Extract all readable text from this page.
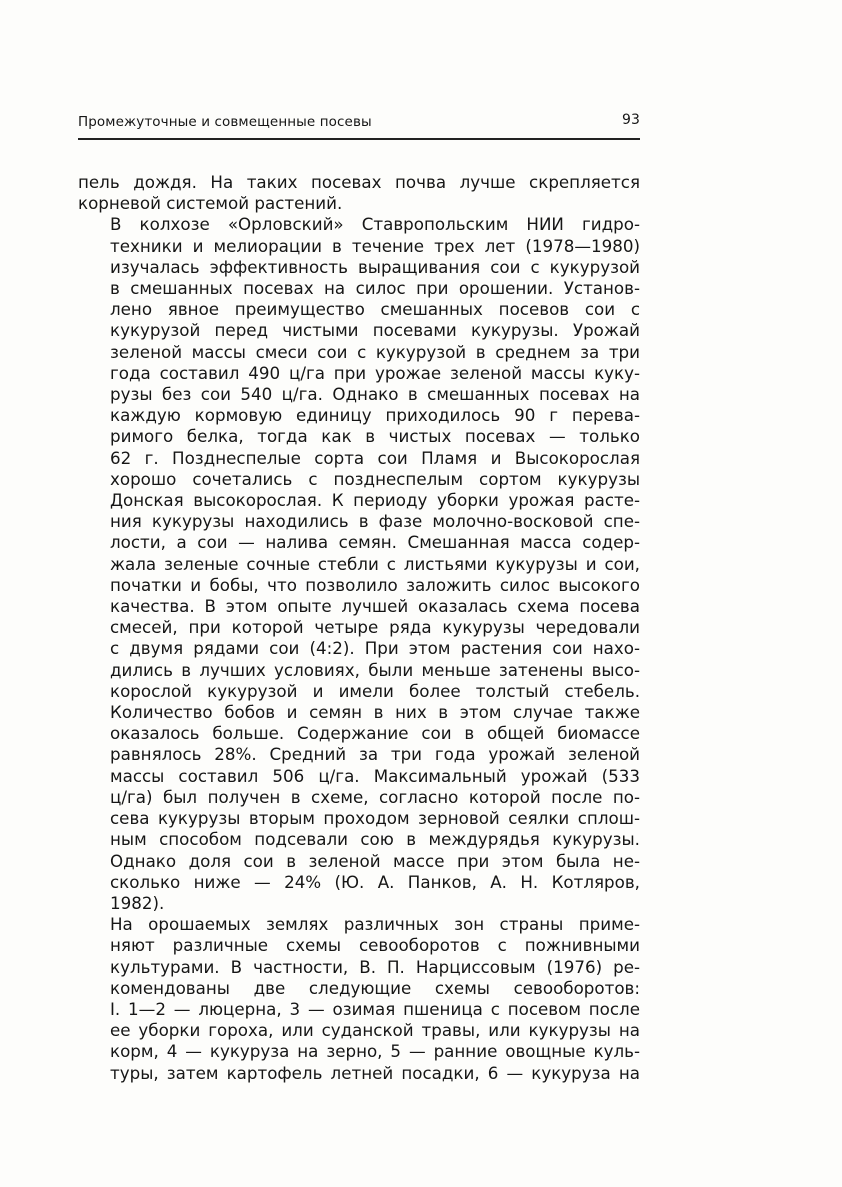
Промежуточные и совмещенные посевы	93

пель дождя. На таких посевах почва лучше скрепляется
корневой системой растений.

В колхозе «Орловский» Ставропольским НИИ гидро-
техники и мелиорации в течение трех лет (1978—1980)
изучалась эффективность выращивания сои с кукурузой
в смешанных посевах на силос при орошении. Установ-
лено явное преимущество смешанных посевов сои с
кукурузой перед чистыми посевами кукурузы. Урожай
зеленой массы смеси сои с кукурузой в среднем за три
года составил 490 ц/га при урожае зеленой массы куку-
рузы без сои 540 ц/га. Однако в смешанных посевах на
каждую кормовую единицу приходилось 90 г перева-
римого белка, тогда как в чистых посевах — только
62 г. Позднеспелые сорта сои Пламя и Высокорослая
хорошо сочетались с позднеспелым сортом кукурузы
Донская высокорослая. К периоду уборки урожая расте-
ния кукурузы находились в фазе молочно-восковой спе-
лости, а сои — налива семян. Смешанная масса содер-
жала зеленые сочные стебли с листьями кукурузы и сои,
початки и бобы, что позволило заложить силос высокого
качества. В этом опыте лучшей оказалась схема посева
смесей, при которой четыре ряда кукурузы чередовали
с двумя рядами сои (4:2). При этом растения сои нахо-
дились в лучших условиях, были меньше затенены высо-
корослой кукурузой и имели более толстый стебель.
Количество бобов и семян в них в этом случае также
оказалось больше. Содержание сои в общей биомассе
равнялось 28%. Средний за три года урожай зеленой
массы составил 506 ц/га. Максимальный урожай (533
ц/га) был получен в схеме, согласно которой после по-
сева кукурузы вторым проходом зерновой сеялки сплош-
ным способом подсевали сою в междурядья кукурузы.
Однако доля сои в зеленой массе при этом была не-
сколько ниже — 24% (Ю. А. Панков, А. Н. Котляров,
1982).

На орошаемых землях различных зон страны приме-
няют различные схемы севооборотов с пожнивными
культурами. В частности, В. П. Нарциссовым (1976) ре-
комендованы две следующие схемы севооборотов:
I. 1—2 — люцерна, 3 — озимая пшеница с посевом после
ее уборки гороха, или суданской травы, или кукурузы на
корм, 4 — кукуруза на зерно, 5 — ранние овощные куль-
туры, затем картофель летней посадки, 6 — кукуруза на
